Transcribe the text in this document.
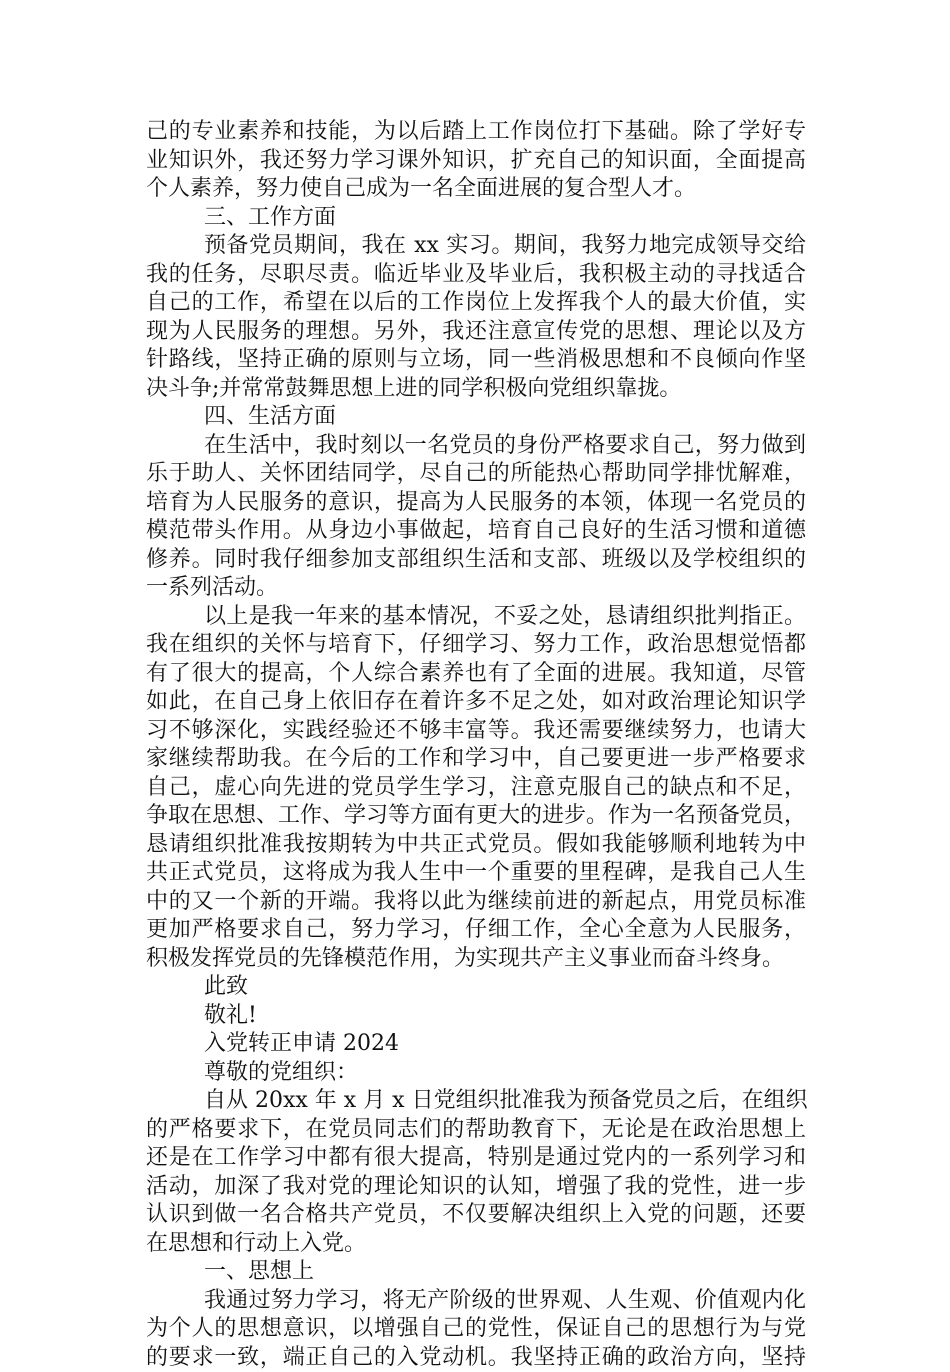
己的专业素养和技能，为以后踏上工作岗位打下基础。除了学好专
业知识外，我还努力学习课外知识，扩充自己的知识面，全面提高
个人素养，努力使自己成为一名全面进展的复合型人才。
三、工作方面
预备党员期间，我在 xx 实习。期间，我努力地完成领导交给
我的任务，尽职尽责。临近毕业及毕业后，我积极主动的寻找适合
自己的工作，希望在以后的工作岗位上发挥我个人的最大价值，实
现为人民服务的理想。另外，我还注意宣传党的思想、理论以及方
针路线，坚持正确的原则与立场，同一些消极思想和不良倾向作坚
决斗争;并常常鼓舞思想上进的同学积极向党组织靠拢。
四、生活方面
在生活中，我时刻以一名党员的身份严格要求自己，努力做到
乐于助人、关怀团结同学，尽自己的所能热心帮助同学排忧解难，
培育为人民服务的意识，提高为人民服务的本领，体现一名党员的
模范带头作用。从身边小事做起，培育自己良好的生活习惯和道德
修养。同时我仔细参加支部组织生活和支部、班级以及学校组织的
一系列活动。
以上是我一年来的基本情况，不妥之处，恳请组织批判指正。
我在组织的关怀与培育下，仔细学习、努力工作，政治思想觉悟都
有了很大的提高，个人综合素养也有了全面的进展。我知道，尽管
如此，在自己身上依旧存在着许多不足之处，如对政治理论知识学
习不够深化，实践经验还不够丰富等。我还需要继续努力，也请大
家继续帮助我。在今后的工作和学习中，自己要更进一步严格要求
自己，虚心向先进的党员学生学习，注意克服自己的缺点和不足，
争取在思想、工作、学习等方面有更大的进步。作为一名预备党员，
恳请组织批准我按期转为中共正式党员。假如我能够顺利地转为中
共正式党员，这将成为我人生中一个重要的里程碑，是我自己人生
中的又一个新的开端。我将以此为继续前进的新起点，用党员标准
更加严格要求自己，努力学习，仔细工作，全心全意为人民服务，
积极发挥党员的先锋模范作用，为实现共产主义事业而奋斗终身。
此致
敬礼!
入党转正申请 2024
尊敬的党组织：
自从 20xx 年 x 月 x 日党组织批准我为预备党员之后，在组织
的严格要求下，在党员同志们的帮助教育下，无论是在政治思想上
还是在工作学习中都有很大提高，特别是通过党内的一系列学习和
活动，加深了我对党的理论知识的认知，增强了我的党性，进一步
认识到做一名合格共产党员，不仅要解决组织上入党的问题，还要
在思想和行动上入党。
一、思想上
我通过努力学习，将无产阶级的世界观、人生观、价值观内化
为个人的思想意识，以增强自己的党性，保证自己的思想行为与党
的要求一致，端正自己的入党动机。我坚持正确的政治方向，坚持
